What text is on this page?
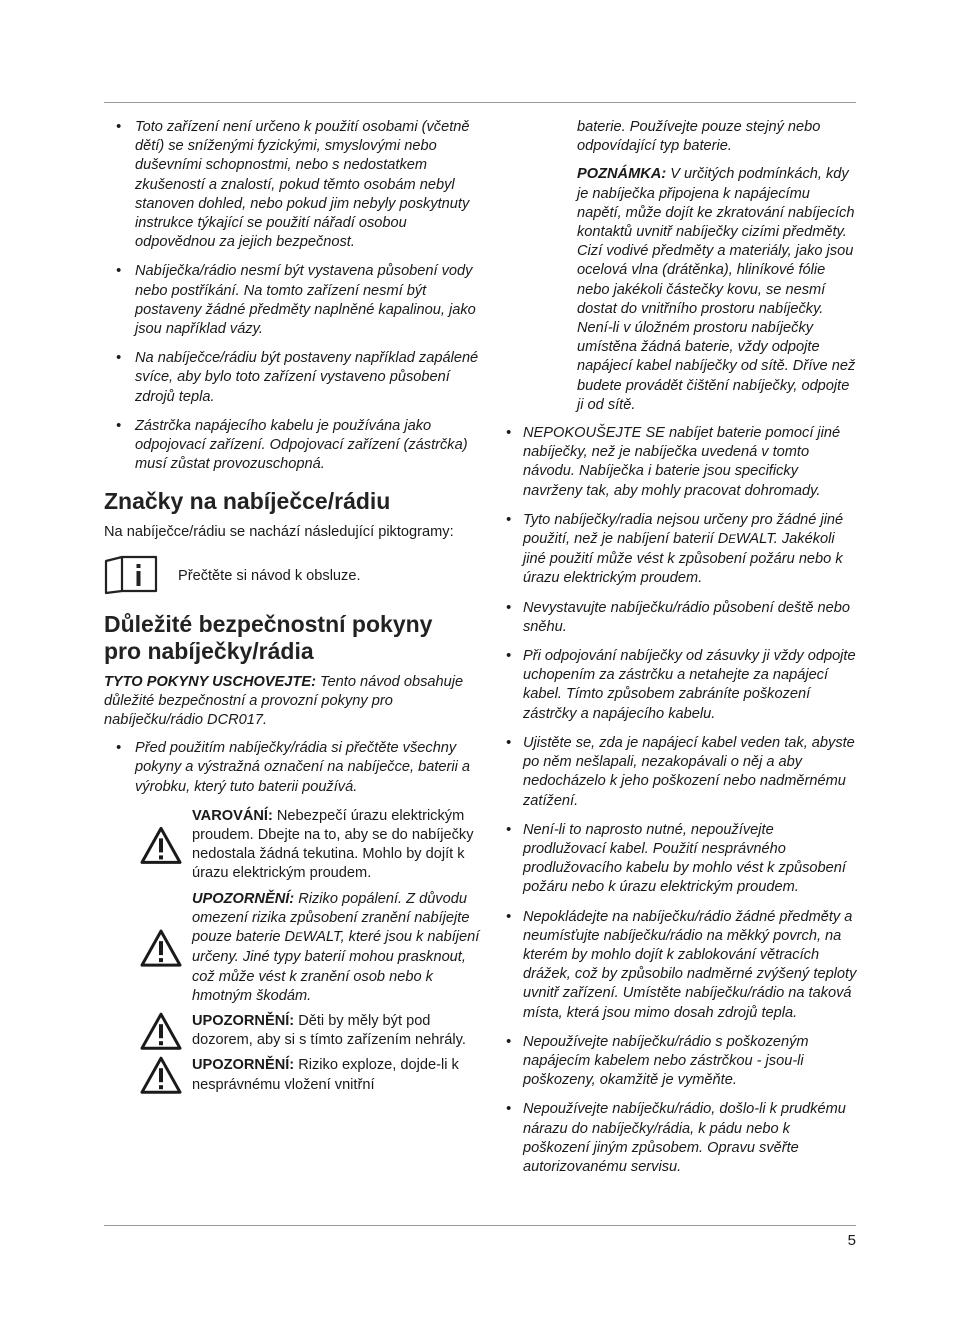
• Toto zařízení není určeno k použití osobami (včetně dětí) se sníženými fyzickými, smyslovými nebo duševními schopnostmi, nebo s nedostatkem zkušeností a znalostí, pokud těmto osobám nebyl stanoven dohled, nebo pokud jim nebyly poskytnuty instrukce týkající se použití nářadí osobou odpovědnou za jejich bezpečnost.
• Nabíječka/rádio nesmí být vystavena působení vody nebo postříkání. Na tomto zařízení nesmí být postaveny žádné předměty naplněné kapalinou, jako jsou například vázy.
• Na nabíječce/rádiu být postaveny například zapálené svíce, aby bylo toto zařízení vystaveno působení zdrojů tepla.
• Zástrčka napájecího kabelu je používána jako odpojovací zařízení. Odpojovací zařízení (zástrčka) musí zůstat provozuschopná.
Značky na nabíječce/rádiu

Na nabíječce/rádiu se nachází následující piktogramy:

Přečtěte si návod k obsluze.
Důležité bezpečnostní pokyny
pro nabíječky/rádia

TYTO POKYNY USCHOVEJTE: Tento návod obsahuje důležité bezpečnostní a provozní pokyny pro nabíječku/rádio DCR017.

• Před použitím nabíječky/rádia si přečtěte všechny pokyny a výstražná označení na nabíječce, baterii a výrobku, který tuto baterii používá.
VAROVÁNÍ: Nebezpečí úrazu elektrickým proudem. Dbejte na to, aby se do nabíječky nedostala žádná tekutina. Mohlo by dojít k úrazu elektrickým proudem.
UPOZORNĚNÍ: Riziko popálení. Z důvodu omezení rizika způsobení zranění nabíjejte pouze baterie DEWALT, které jsou k nabíjení určeny. Jiné typy baterií mohou prasknout, což může vést k zranění osob nebo k hmotným škodám.
UPOZORNĚNÍ: Děti by měly být pod dozorem, aby si s tímto zařízením nehrály.
UPOZORNĚNÍ: Riziko exploze, dojde-li k nesprávnému vložení vnitřní

baterie. Používejte pouze stejný nebo odpovídající typ baterie.

POZNÁMKA: V určitých podmínkách, kdy je nabíječka připojena k napájecímu napětí, může dojít ke zkratování nabíjecích kontaktů uvnitř nabíječky cizími předměty. Cizí vodivé předměty a materiály, jako jsou ocelová vlna (drátěnka), hliníkové fólie nebo jakékoli částečky kovu, se nesmí dostat do vnitřního prostoru nabíječky. Není-li v úložném prostoru nabíječky umístěna žádná baterie, vždy odpojte napájecí kabel nabíječky od sítě. Dříve než budete provádět čištění nabíječky, odpojte ji od sítě.

• NEPOKOUŠEJTE SE nabíjet baterie pomocí jiné nabíječky, než je nabíječka uvedená v tomto návodu. Nabíječka i baterie jsou specificky navrženy tak, aby mohly pracovat dohromady.
• Tyto nabíječky/radia nejsou určeny pro žádné jiné použití, než je nabíjení baterií DEWALT. Jakékoli jiné použití může vést k způsobení požáru nebo k úrazu elektrickým proudem.
• Nevystavujte nabíječku/rádio působení deště nebo sněhu.
• Při odpojování nabíječky od zásuvky ji vždy odpojte uchopením za zástrčku a netahejte za napájecí kabel. Tímto způsobem zabráníte poškození zástrčky a napájecího kabelu.
• Ujistěte se, zda je napájecí kabel veden tak, abyste po něm nešlapali, nezakopávali o něj a aby nedocházelo k jeho poškození nebo nadměrnému zatížení.
• Není-li to naprosto nutné, nepoužívejte prodlužovací kabel. Použití nesprávného prodlužovacího kabelu by mohlo vést k způsobení požáru nebo k úrazu elektrickým proudem.
• Nepokládejte na nabíječku/rádio žádné předměty a neumísťujte nabíječku/rádio na měkký povrch, na kterém by mohlo dojít k zablokování větracích drážek, což by způsobilo nadměrné zvýšený teploty uvnitř zařízení. Umístěte nabíječku/rádio na taková místa, která jsou mimo dosah zdrojů tepla.
• Nepoužívejte nabíječku/rádio s poškozeným napájecím kabelem nebo zástrčkou - jsou-li poškozeny, okamžitě je vyměňte.
• Nepoužívejte nabíječku/rádio, došlo-li k prudkému nárazu do nabíječky/rádia, k pádu nebo k poškození jiným způsobem. Opravu svěřte autorizovanému servisu.
5
